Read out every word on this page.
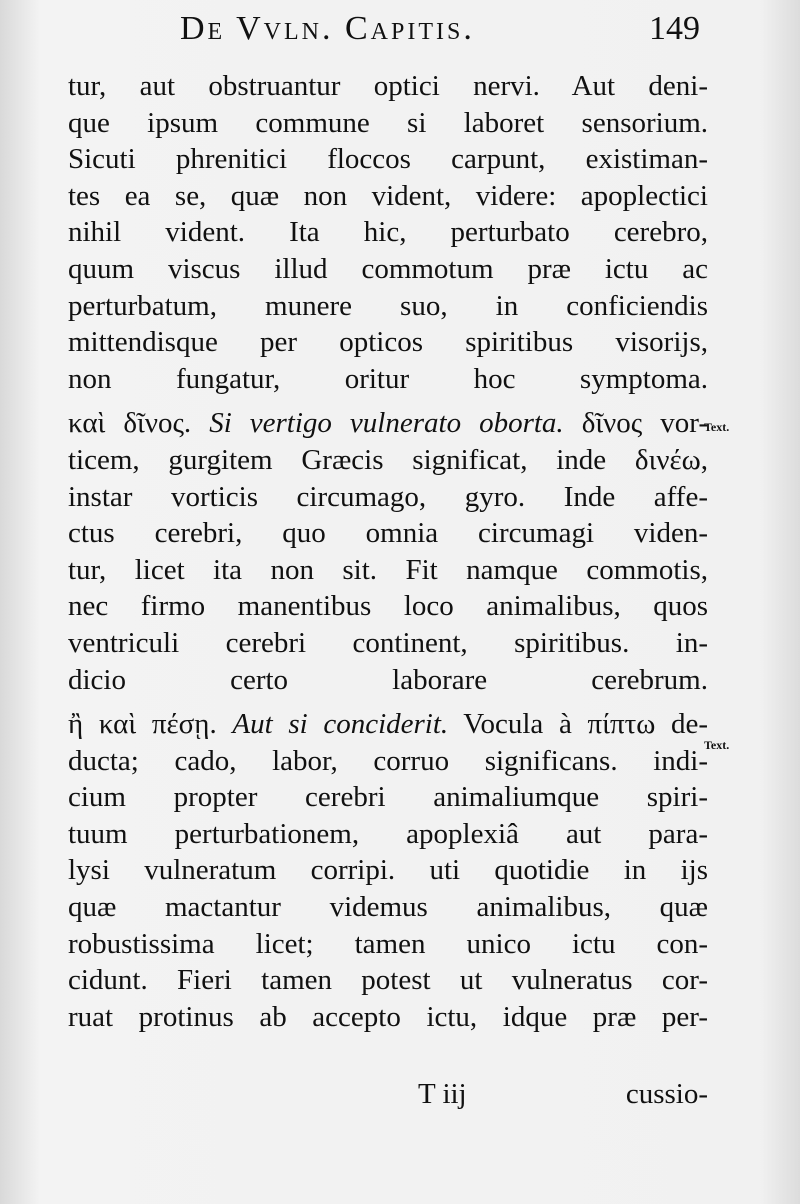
De Vvln. Capitis.	149
tur, aut obstruantur optici nervi. Aut deni-
que ipsum commune si laboret sensorium.
Sicuti phrenitici floccos carpunt, existiman-
tes ea se, quæ non vident, videre: apoplectici
nihil vident. Ita hic, perturbato cerebro,
quum viscus illud commotum præ ictu ac
perturbatum, munere suo, in conficiendis
mittendisque per opticos spiritibus visorijs,
non fungatur, oritur hoc symptoma.
καὶ δῖνος. Si vertigo vulnerato oborta. δῖνος vor-
ticem, gurgitem Græcis significat, inde δινέω,
instar vorticis circumago, gyro. Inde affe-
ctus cerebri, quo omnia circumagi viden-
tur, licet ita non sit. Fit namque commotis,
nec firmo manentibus loco animalibus, quos
ventriculi cerebri continent, spiritibus. in-
dicio certo laborare cerebrum.
ἢ καὶ πέσῃ. Aut si conciderit. Vocula à πίπτω de-
ducta; cado, labor, corruo significans. indi-
cium propter cerebri animaliumque spiri-
tuum perturbationem, apoplexiâ aut para-
lysi vulneratum corripi. uti quotidie in ijs
quæ mactantur videmus animalibus, quæ
robustissima licet; tamen unico ictu con-
cidunt. Fieri tamen potest ut vulneratus cor-
ruat protinus ab accepto ictu, idque præ per-
Text.
Text.
T iij	cussio-
